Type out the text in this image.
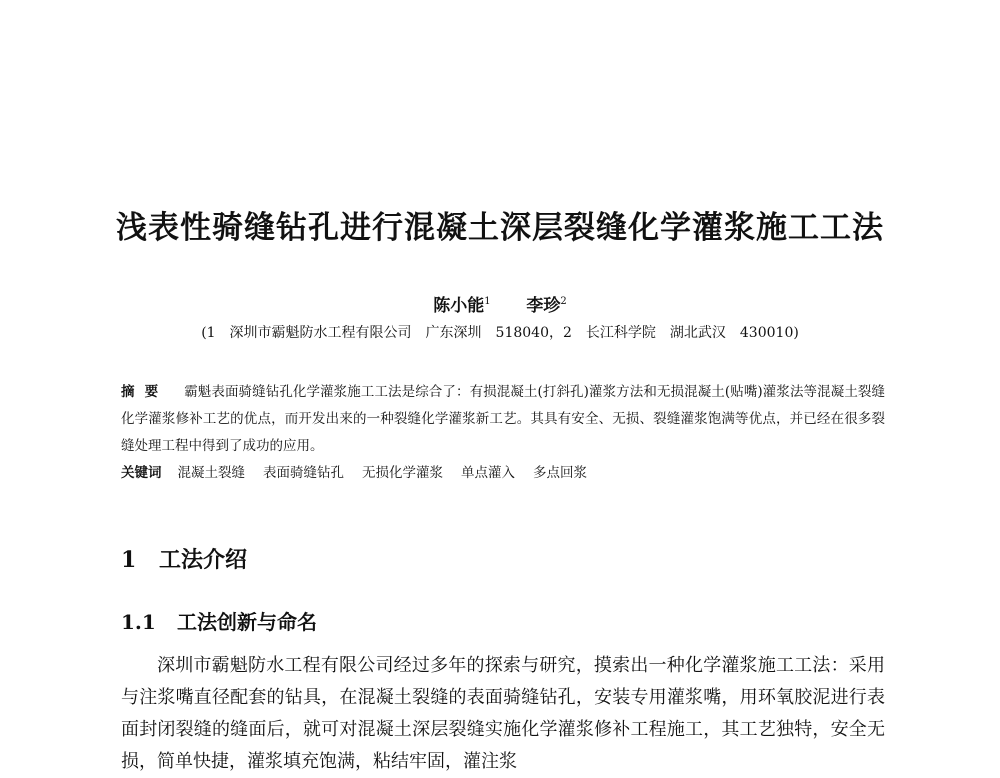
浅表性骑缝钻孔进行混凝土深层裂缝化学灌浆施工工法
陈小能$^1$ 李珍$^2$
(1　深圳市霸魁防水工程有限公司　广东深圳　518040，2　长江科学院　湖北武汉　430010)

摘要 霸魁表面骑缝钻孔化学灌浆施工工法是综合了：有损混凝土(打斜孔)灌浆方法和无损混凝土(贴嘴)灌浆法等混凝土裂缝化学灌浆修补工艺的优点，而开发出来的一种裂缝化学灌浆新工艺。其具有安全、无损、裂缝灌浆饱满等优点，并已经在很多裂缝处理工程中得到了成功的应用。

关键词 混凝土裂缝 表面骑缝钻孔 无损化学灌浆 单点灌入 多点回浆

1 工法介绍
1.1 工法创新与命名

深圳市霸魁防水工程有限公司经过多年的探索与研究，摸索出一种化学灌浆施工工法：采用与注浆嘴直径配套的钻具，在混凝土裂缝的表面骑缝钻孔，安装专用灌浆嘴，用环氧胶泥进行表面封闭裂缝的缝面后，就可对混凝土深层裂缝实施化学灌浆修补工程施工，其工艺独特，安全无损，简单快捷，灌浆填充饱满，粘结牢固，灌注浆
